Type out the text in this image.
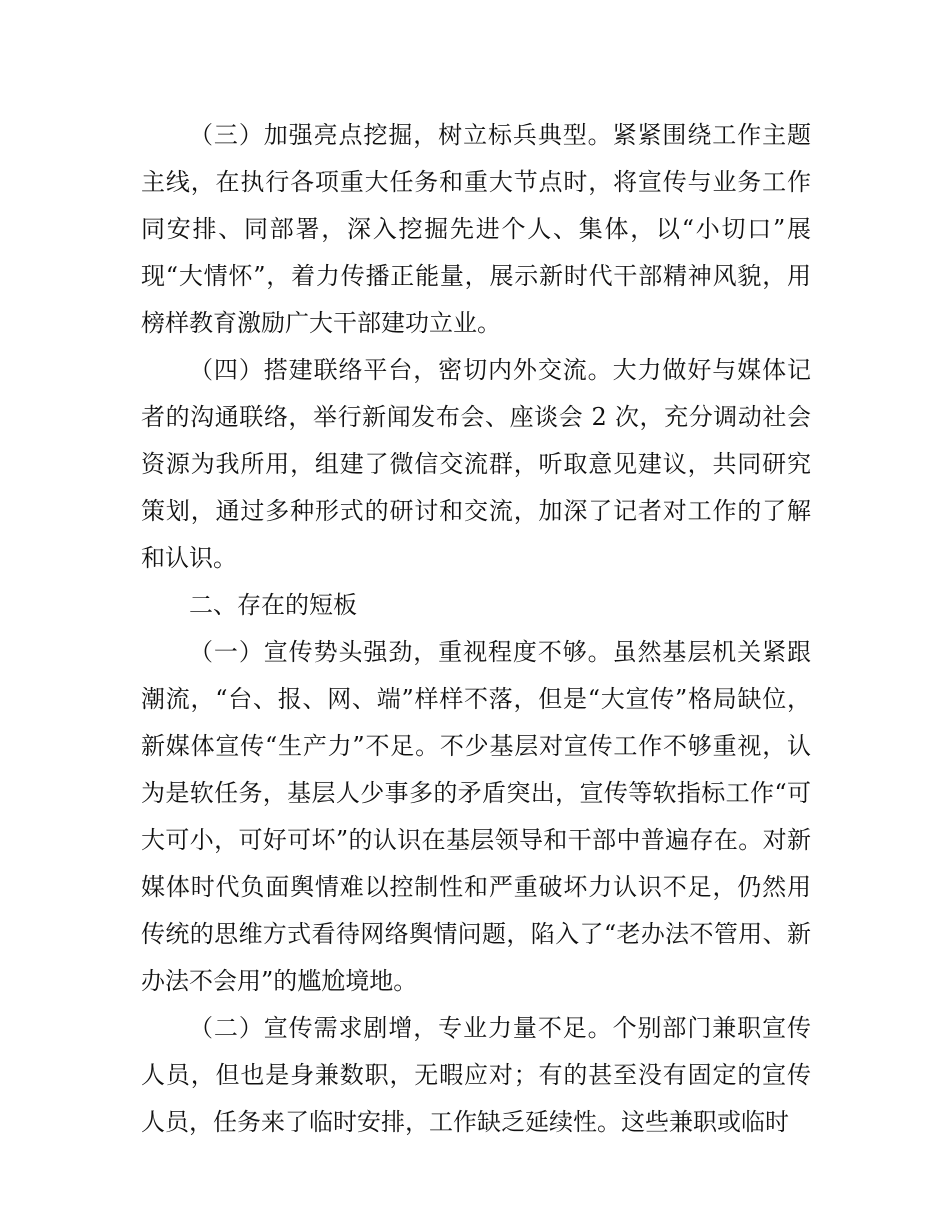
（三）加强亮点挖掘，树立标兵典型。紧紧围绕工作主题主线，在执行各项重大任务和重大节点时，将宣传与业务工作同安排、同部署，深入挖掘先进个人、集体，以“小切口”展现“大情怀”，着力传播正能量，展示新时代干部精神风貌，用榜样教育激励广大干部建功立业。

（四）搭建联络平台，密切内外交流。大力做好与媒体记者的沟通联络，举行新闻发布会、座谈会 2 次，充分调动社会资源为我所用，组建了微信交流群，听取意见建议，共同研究策划，通过多种形式的研讨和交流，加深了记者对工作的了解和认识。

二、存在的短板

（一）宣传势头强劲，重视程度不够。虽然基层机关紧跟潮流，“台、报、网、端”样样不落，但是“大宣传”格局缺位，新媒体宣传“生产力”不足。不少基层对宣传工作不够重视，认为是软任务，基层人少事多的矛盾突出，宣传等软指标工作“可大可小，可好可坏”的认识在基层领导和干部中普遍存在。对新媒体时代负面舆情难以控制性和严重破坏力认识不足，仍然用传统的思维方式看待网络舆情问题，陷入了“老办法不管用、新办法不会用”的尴尬境地。

（二）宣传需求剧增，专业力量不足。个别部门兼职宣传人员，但也是身兼数职，无暇应对；有的甚至没有固定的宣传人员，任务来了临时安排，工作缺乏延续性。这些兼职或临时
